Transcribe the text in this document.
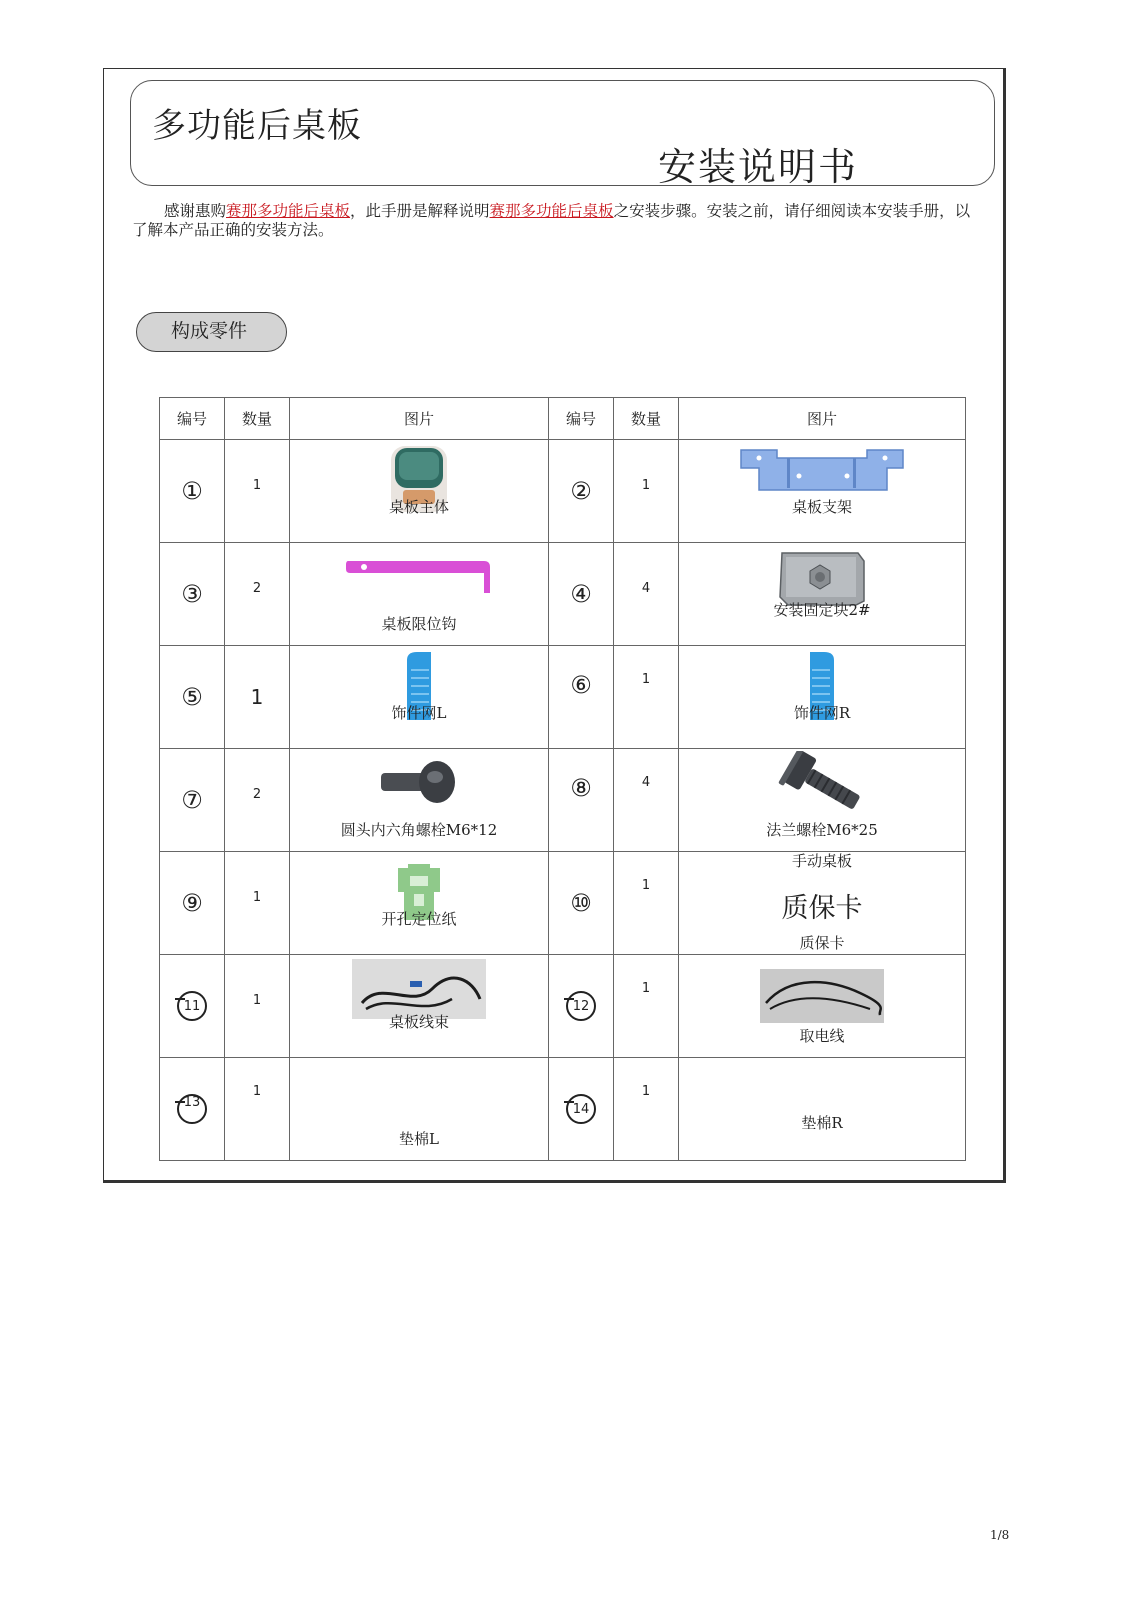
多功能后桌板
安装说明书

感谢惠购赛那多功能后桌板，此手册是解释说明赛那多功能后桌板之安装步骤。安装之前，请仔细阅读本安装手册，以了解本产品正确的安装方法。

构成零件
编号	数量	图片	编号	数量	图片

①	1	桌板主体	②	1	桌板支架

③	2	桌板限位钩	④	4	安装固定块2#

⑤	1	饰件网L	⑥	1	饰件网R

⑦	2	圆头内六角螺栓M6*12	⑧	4	法兰螺栓M6*25

⑨	1	开孔定位纸	⑩	1	手动桌板
质保卡
质保卡

11	1	桌板线束	12	1	取电线

13	1	垫棉L	14	1	垫棉R
1/8
